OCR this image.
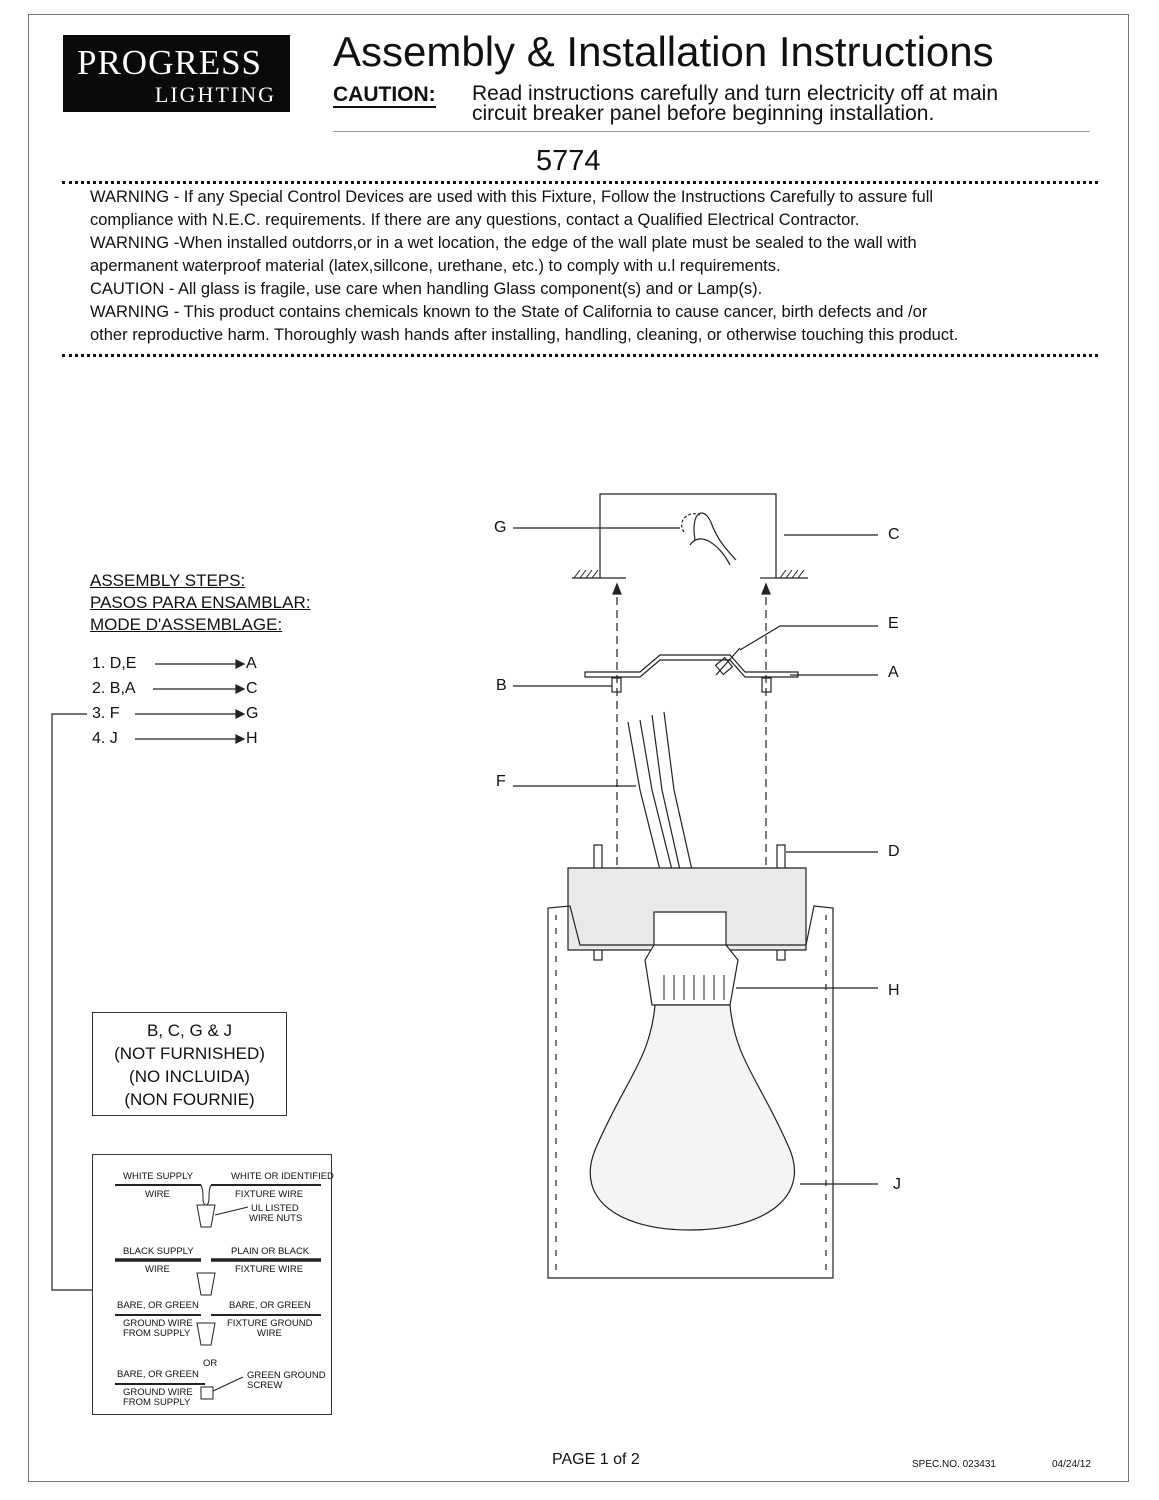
PROGRESS
LIGHTING
Assembly & Installation Instructions
CAUTION: Read instructions carefully and turn electricity off at main
circuit breaker panel before beginning installation.
5774
WARNING - If any Special Control Devices are used with this Fixture, Follow the Instructions Carefully to assure full
compliance with N.E.C. requirements. If there are any questions, contact a Qualified Electrical Contractor.
WARNING -When installed outdorrs,or in a wet location, the edge of the wall plate must be sealed to the wall with
apermanent waterproof material (latex,sillcone, urethane, etc.) to comply with u.l requirements.
CAUTION - All glass is fragile, use care when handling Glass component(s) and or Lamp(s).
WARNING - This product contains chemicals known to the State of California to cause cancer, birth defects and /or
other reproductive harm. Thoroughly wash hands after installing, handling, cleaning, or otherwise touching this product.
ASSEMBLY STEPS:
PASOS PARA ENSAMBLAR:
MODE D'ASSEMBLAGE:
1. D,E	A
2. B,A	C
3. F	G
4. J	H
B, C, G & J
(NOT FURNISHED)
(NO INCLUIDA)
(NON FOURNIE)
G	C
E
A
B
F
D
H
J
WHITE SUPPLY	WHITE OR IDENTIFIED
WIRE	FIXTURE WIRE
UL LISTED
WIRE NUTS
BLACK SUPPLY	PLAIN OR BLACK
WIRE	FIXTURE WIRE
BARE, OR GREEN	BARE, OR GREEN
GROUND WIRE
FROM SUPPLY
FIXTURE GROUND
WIRE
OR
BARE, OR GREEN	GREEN GROUND
SCREW
GROUND WIRE
FROM SUPPLY
PAGE 1 of 2	SPEC.NO. 023431	04/24/12
